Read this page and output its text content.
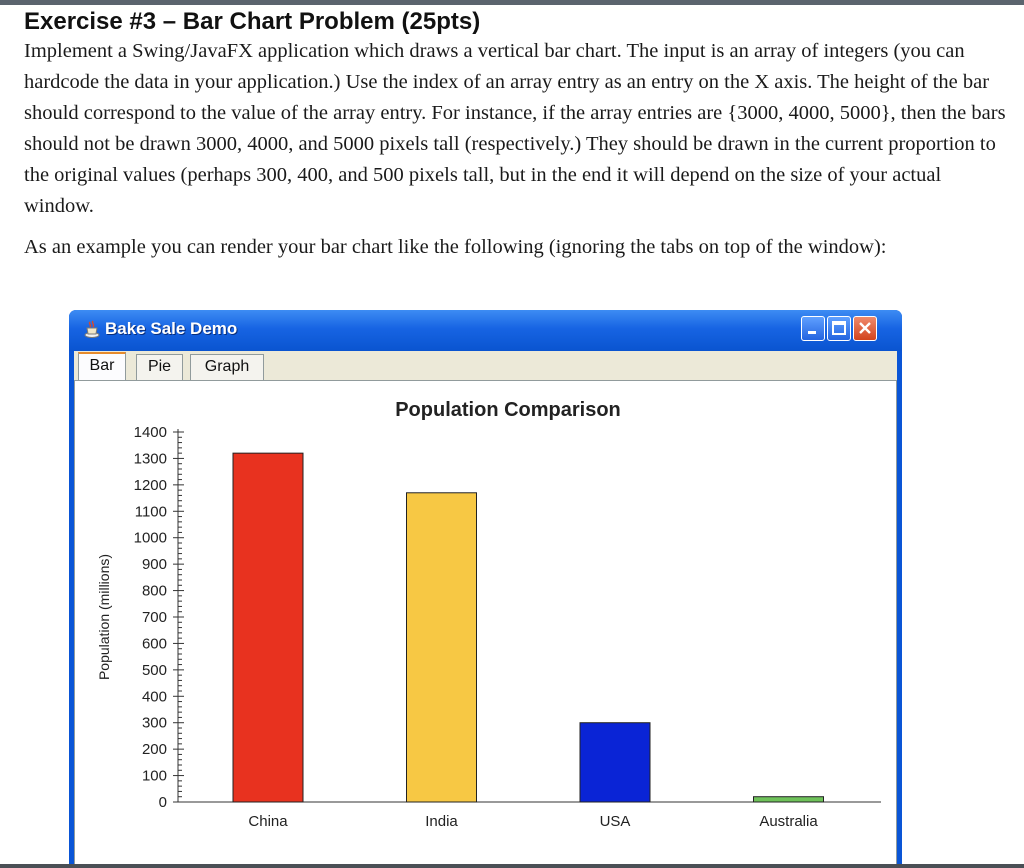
Exercise #3 – Bar Chart Problem (25pts)

Implement a Swing/JavaFX application which draws a vertical bar chart. The input is an array of integers (you can hardcode the data in your application.) Use the index of an array entry as an entry on the X axis. The height of the bar should correspond to the value of the array entry. For instance, if the array entries are {3000, 4000, 5000}, then the bars should not be drawn 3000, 4000, and 5000 pixels tall (respectively.) They should be drawn in the current proportion to the original values (perhaps 300, 400, and 500 pixels tall, but in the end it will depend on the size of your actual window.

As an example you can render your bar chart like the following (ignoring the tabs on top of the window):

Bake Sale Demo
Bar	Pie	Graph
Population Comparison
Population (millions)
0
100
200
300
400
500
600
700
800
900
1000
1100
1200
1300
1400
China	India	USA	Australia
